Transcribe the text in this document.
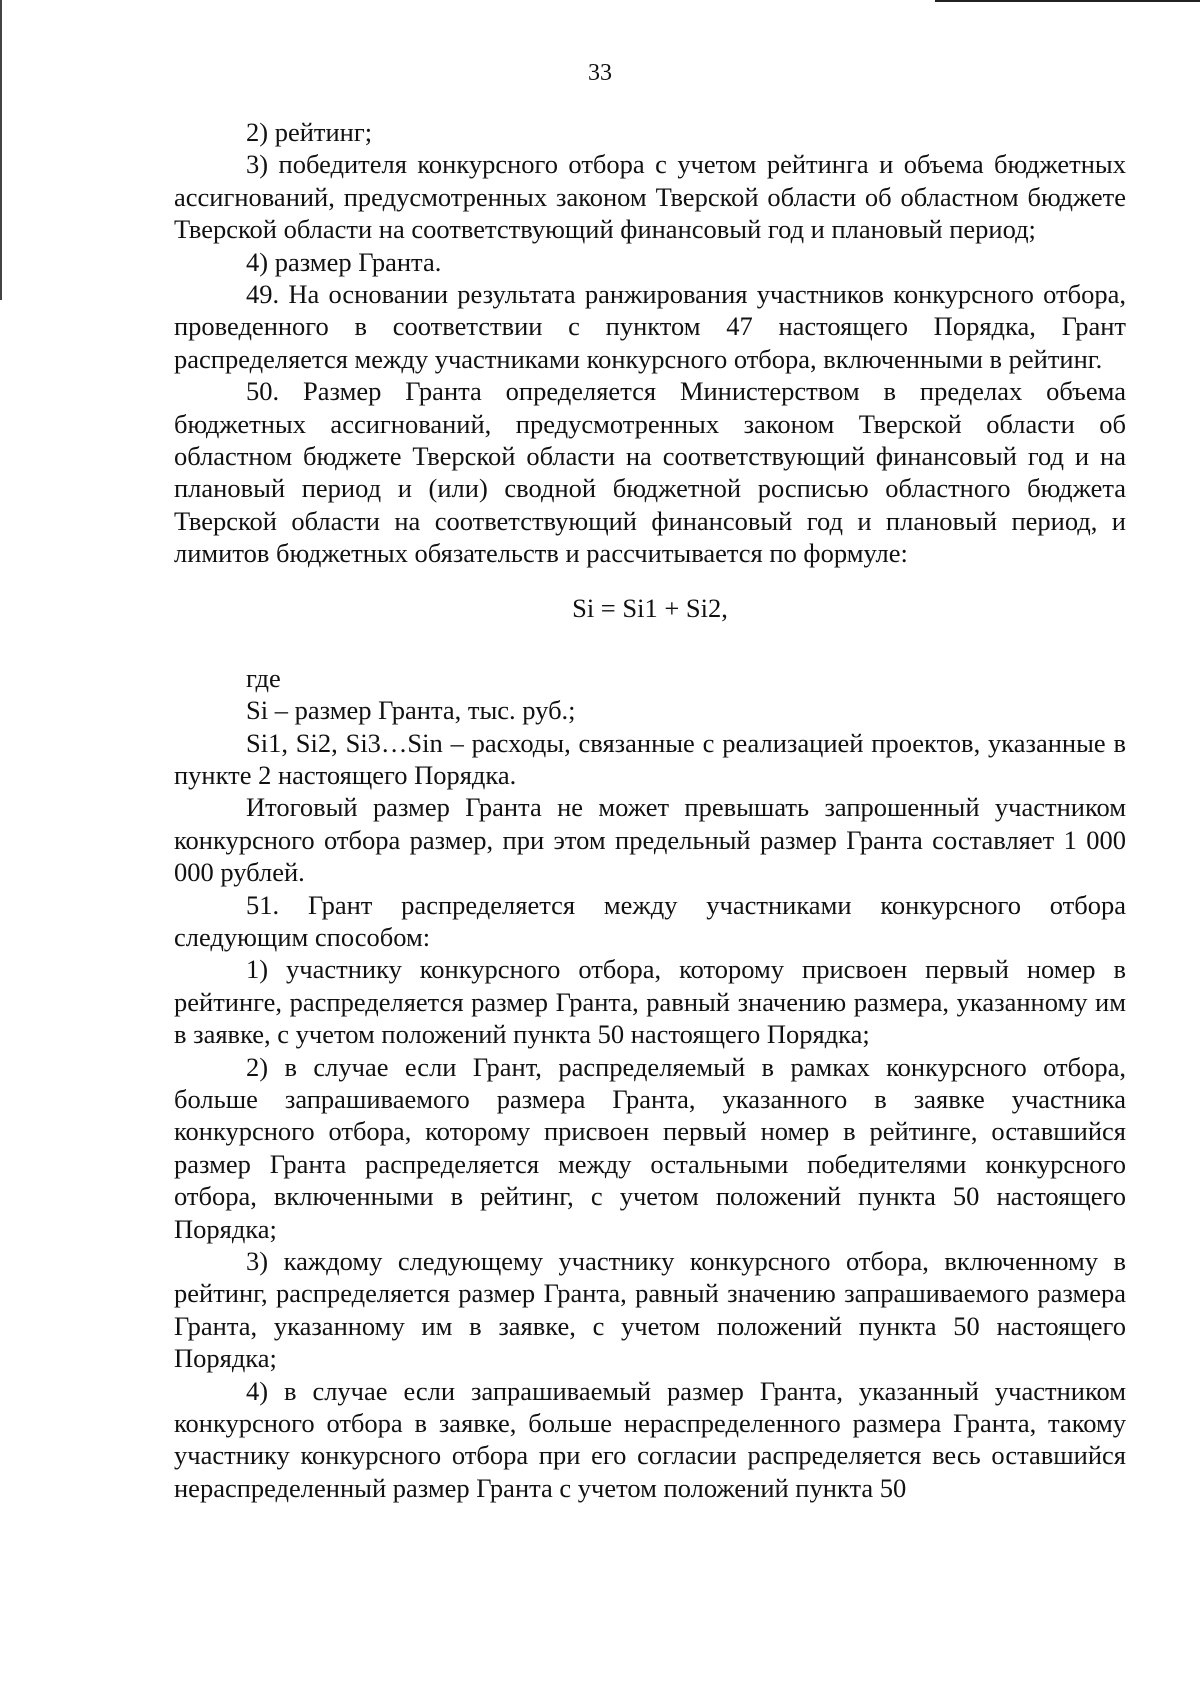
33

2) рейтинг;

3) победителя конкурсного отбора с учетом рейтинга и объема бюджетных ассигнований, предусмотренных законом Тверской области об областном бюджете Тверской области на соответствующий финансовый год и плановый период;

4) размер Гранта.

49. На основании результата ранжирования участников конкурсного отбора, проведенного в соответствии с пунктом 47 настоящего Порядка, Грант распределяется между участниками конкурсного отбора, включенными в рейтинг.

50. Размер Гранта определяется Министерством в пределах объема бюджетных ассигнований, предусмотренных законом Тверской области об областном бюджете Тверской области на соответствующий финансовый год и на плановый период и (или) сводной бюджетной росписью областного бюджета Тверской области на соответствующий финансовый год и плановый период, и лимитов бюджетных обязательств и рассчитывается по формуле:

Si = Si1 + Si2,

где

Si – размер Гранта, тыс. руб.;

Si1, Si2, Si3…Sin – расходы, связанные с реализацией проектов, указанные в пункте 2 настоящего Порядка.

Итоговый размер Гранта не может превышать запрошенный участником конкурсного отбора размер, при этом предельный размер Гранта составляет 1 000 000 рублей.

51. Грант распределяется между участниками конкурсного отбора следующим способом:

1) участнику конкурсного отбора, которому присвоен первый номер в рейтинге, распределяется размер Гранта, равный значению размера, указанному им в заявке, с учетом положений пункта 50 настоящего Порядка;

2) в случае если Грант, распределяемый в рамках конкурсного отбора, больше запрашиваемого размера Гранта, указанного в заявке участника конкурсного отбора, которому присвоен первый номер в рейтинге, оставшийся размер Гранта распределяется между остальными победителями конкурсного отбора, включенными в рейтинг, с учетом положений пункта 50 настоящего Порядка;

3) каждому следующему участнику конкурсного отбора, включенному в рейтинг, распределяется размер Гранта, равный значению запрашиваемого размера Гранта, указанному им в заявке, с учетом положений пункта 50 настоящего Порядка;

4) в случае если запрашиваемый размер Гранта, указанный участником конкурсного отбора в заявке, больше нераспределенного размера Гранта, такому участнику конкурсного отбора при его согласии распределяется весь оставшийся нераспределенный размер Гранта с учетом положений пункта 50
